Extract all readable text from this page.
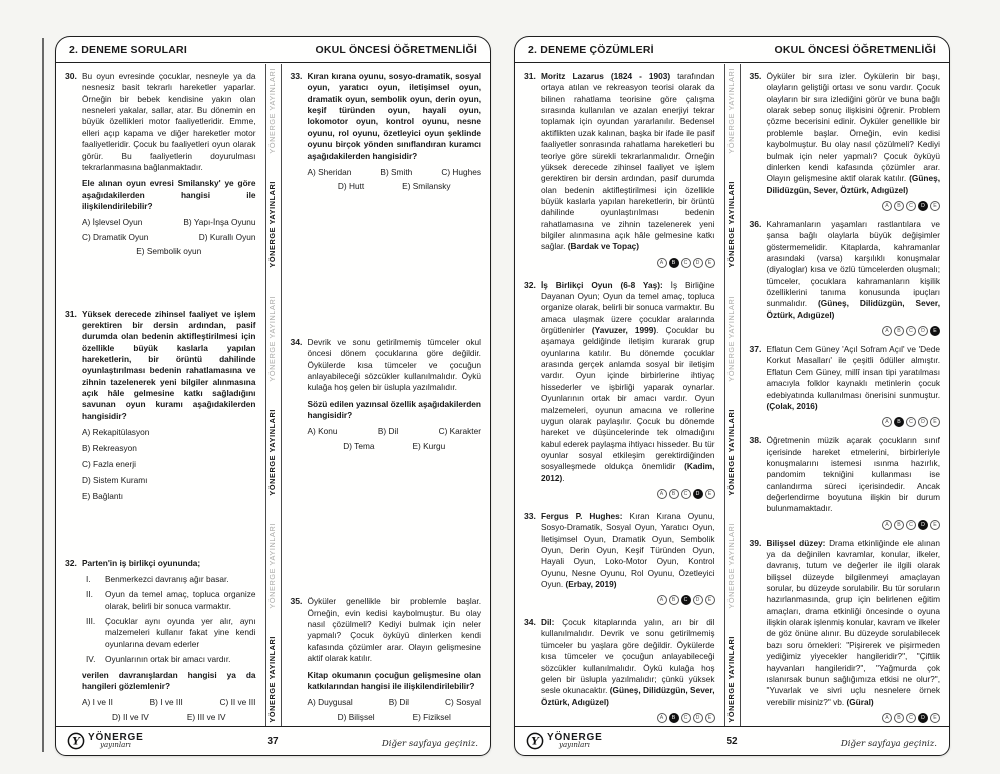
2. DENEME SORULARI	OKUL ÖNCESİ ÖĞRETMENLİĞİ
30. Bu oyun evresinde çocuklar, nesneyle ya da nesnesiz basit tekrarlı hareketler yaparlar. Örneğin bir bebek kendisine yakın olan nesneleri yakalar, sallar, atar. Bu dönemin en büyük özellikleri motor faaliyetleridir. Emme, elleri açıp kapama ve diğer hareketler motor faaliyetleridir. Çocuk bu faaliyetleri oyun olarak görür. Bu faaliyetlerin doyurulması tekrarlanmasına bağlanmaktadır.

Ele alınan oyun evresi Smilansky' ye göre aşağıdakilerden hangisi ile ilişkilendirilebilir?

A) İşlevsel Oyun	B) Yapı-İnşa Oyunu
C) Dramatik Oyun	D) Kurallı Oyun
E) Sembolik oyun
31. Yüksek derecede zihinsel faaliyet ve işlem gerektiren bir dersin ardından, pasif durumda olan bedenin aktifleştirilmesi için özellikle büyük kaslarla yapılan hareketlerin, bir örüntü dahilinde oyunlaştırılması bedenin rahatlamasına ve zihnin tazelenerek yeni bilgiler alınmasına açık hâle gelmesine katkı sağladığını savunan oyun kuramı aşağıdakilerden hangisidir?

A) Rekapitülasyon
B) Rekreasyon
C) Fazla enerji
D) Sistem Kuramı
E) Bağlantı
32. Parten'in iş birlikçi oyununda;

I.	Benmerkezci davranış ağır basar.
II.	Oyun da temel amaç, topluca organize olarak, belirli bir sonuca varmaktır.
III.	Çocuklar aynı oyunda yer alır, aynı malzemeleri kullanır fakat yine kendi oyunlarına devam ederler
IV.	Oyunlarının ortak bir amacı vardır.

verilen davranışlardan hangisi ya da hangileri gözlemlenir?

A) I ve II	B) I ve III	C) II ve III
D) II ve IV	E) III ve IV
YÖNERGE YAYINLARI
YÖNERGE YAYINLARI
YÖNERGE YAYINLARI
YÖNERGE YAYINLARI
YÖNERGE YAYINLARI
YÖNERGE YAYINLARI
33. Kıran kırana oyunu, sosyo-dramatik, sosyal oyun, yaratıcı oyun, iletişimsel oyun, dramatik oyun, sembolik oyun, derin oyun, keşif türünden oyun, hayali oyun, lokomotor oyun, kontrol oyunu, nesne oyunu, rol oyunu, özetleyici oyun şeklinde oyunu birçok yönden sınıflandıran kuramcı aşağıdakilerden hangisidir?

A) Sheridan	B) Smith	C) Hughes
D) Hutt	E) Smilansky
34. Devrik ve sonu getirilmemiş tümceler okul öncesi dönem çocuklarına göre değildir. Öykülerde kısa tümceler ve çocuğun anlayabileceği sözcükler kullanılmalıdır. Öykü kulağa hoş gelen bir üslupla yazılmalıdır.

Sözü edilen yazınsal özellik aşağıdakilerden hangisidir?

A) Konu	B) Dil	C) Karakter
D) Tema	E) Kurgu
35. Öyküler genellikle bir problemle başlar. Örneğin, evin kedisi kaybolmuştur. Bu olay nasıl çözülmeli? Kediyi bulmak için neler yapmalı? Çocuk öyküyü dinlerken kendi kafasında çözümler arar. Olayın gelişmesine aktif olarak katılır.

Kitap okumanın çocuğun gelişmesine olan katkılarından hangisi ile ilişkilendirilebilir?

A) Duygusal	B) Dil	C) Sosyal
D) Bilişsel	E) Fiziksel
Y YÖNERGE
yayınları	37	Diğer sayfaya geçiniz.
2. DENEME ÇÖZÜMLERİ	OKUL ÖNCESİ ÖĞRETMENLİĞİ
31. Moritz Lazarus (1824 - 1903) tarafından ortaya atılan ve rekreasyon teorisi olarak da bilinen rahatlama teorisine göre çalışma sırasında kullanılan ve azalan enerjiyi tekrar toplamak için oyundan yararlanılır. Bedensel aktiflikten uzak kalınan, başka bir ifade ile pasif faaliyetler sonrasında rahatlama hareketleri bu teoriye göre sürekli tekrarlanmalıdır. Örneğin yüksek derecede zihinsel faaliyet ve işlem gerektiren bir dersin ardından, pasif durumda olan bedenin aktifleştirilmesi için özellikle büyük kaslarla yapılan hareketlerin, bir örüntü dahilinde oyunlaştırılması bedenin rahatlamasına ve zihnin tazelenerek yeni bilgiler alınmasına açık hâle gelmesine katkı sağlar. (Bardak ve Topaç)

A	B	C	D	E
32. İş Birlikçi Oyun (6-8 Yaş): İş Birliğine Dayanan Oyun; Oyun da temel amaç, topluca organize olarak, belirli bir sonuca varmaktır. Bu amaca ulaşmak üzere çocuklar aralarında örgütlenirler (Yavuzer, 1999). Çocuklar bu aşamaya geldiğinde iletişim kurarak grup oyunlarına katılır. Bu dönemde çocuklar arasında gerçek anlamda sosyal bir iletişim vardır. Oyun içinde birbirlerine ihtiyaç hissederler ve işbirliği yaparak oynarlar. Oyunlarının ortak bir amacı vardır. Oyun malzemeleri, oyunun amacına ve rollerine uygun olarak paylaşılır. Çocuk bu dönemde hareket ve düşüncelerinde tek olmadığını kabul ederek paylaşma ihtiyacı hisseder. Bu tür oyunlar sosyal etkileşim gerektirdiğinden sosyalleşmede oldukça önemlidir (Kadim, 2012).

A	B	C	D	E
33. Fergus P. Hughes: Kıran Kırana Oyunu, Sosyo-Dramatik, Sosyal Oyun, Yaratıcı Oyun, İletişimsel Oyun, Dramatik Oyun, Sembolik Oyun, Derin Oyun, Keşif Türünden Oyun, Hayali Oyun, Loko-Motor Oyun, Kontrol Oyunu, Nesne Oyunu, Rol Oyunu, Özetleyici Oyun. (Erbay, 2019)

A	B	C	D	E
34. Dil: Çocuk kitaplarında yalın, arı bir dil kullanılmalıdır. Devrik ve sonu getirilmemiş tümceler bu yaşlara göre değildir. Öykülerde kısa tümceler ve çocuğun anlayabileceği sözcükler kullanılmalıdır. Öykü kulağa hoş gelen bir üslupla yazılmalıdır; çünkü yüksek sesle okunacaktır. (Güneş, Dilidüzgün, Sever, Öztürk, Adıgüzel)

A	B	C	D	E
YÖNERGE YAYINLARI
YÖNERGE YAYINLARI
YÖNERGE YAYINLARI
YÖNERGE YAYINLARI
YÖNERGE YAYINLARI
YÖNERGE YAYINLARI
35. Öyküler bir sıra izler. Öykülerin bir başı, olayların geliştiği ortası ve sonu vardır. Çocuk olayların bir sıra izlediğini görür ve buna bağlı olarak sebep sonuç ilişkisini öğrenir. Problem çözme becerisini edinir. Öyküler genellikle bir problemle başlar. Örneğin, evin kedisi kaybolmuştur. Bu olay nasıl çözülmeli? Kediyi bulmak için neler yapmalı? Çocuk öyküyü dinlerken kendi kafasında çözümler arar. Olayın gelişmesine aktif olarak katılır. (Güneş, Dilidüzgün, Sever, Öztürk, Adıgüzel)

A	B	C	D	E
36. Kahramanların yaşamları rastlantılara ve şansa bağlı olaylarla büyük değişimler göstermemelidir. Kitaplarda, kahramanlar arasındaki (varsa) karşılıklı konuşmalar (diyaloglar) kısa ve özlü tümcelerden oluşmalı; tümceler, çocuklara kahramanların kişilik özelliklerini tanıma konusunda ipuçları sunmalıdır. (Güneş, Dilidüzgün, Sever, Öztürk, Adıgüzel)

A	B	C	D	E
37. Eflatun Cem Güney 'Açıl Sofram Açıl' ve 'Dede Korkut Masalları' ile çeşitli ödüller almıştır. Eflatun Cem Güney, millî insan tipi yaratılması amacıyla folklor kaynaklı metinlerin çocuk edebiyatında kullanılması önerisini sunmuştur. (Çolak, 2016)

A	B	C	D	E
38. Öğretmenin müzik açarak çocukların sınıf içerisinde hareket etmelerini, birbirleriyle konuşmalarını istemesi ısınma hazırlık, pandomim tekniğini kullanması ise canlandırma süreci içerisindedir. Ancak değerlendirme boyutuna ilişkin bir durum bulunmamaktadır.

A	B	C	D	E
39. Bilişsel düzey: Drama etkinliğinde ele alınan ya da değinilen kavramlar, konular, ilkeler, davranış, tutum ve değerler ile ilgili olarak bilişsel düzeyde bilgilenmeyi amaçlayan sorular, bu düzeyde sorulabilir. Bu tür soruların hazırlanmasında, grup için belirlenen eğitim amaçları, drama etkinliği öncesinde o oyuna ilişkin olarak işlenmiş konular, kavram ve ilkeler de göz önüne alınır. Bu düzeyde sorulabilecek bazı soru örnekleri: "Pişirerek ve pişirmeden yediğimiz yiyecekler hangileridir?", "Çiftlik hayvanları hangileridir?", "Yağmurda çok ıslanırsak bunun sağlığımıza etkisi ne olur?", "Yuvarlak ve sivri uçlu nesnelere örnek verebilir misiniz?" vb. (Güral)

A	B	C	D	E
Y YÖNERGE
yayınları	52	Diğer sayfaya geçiniz.
